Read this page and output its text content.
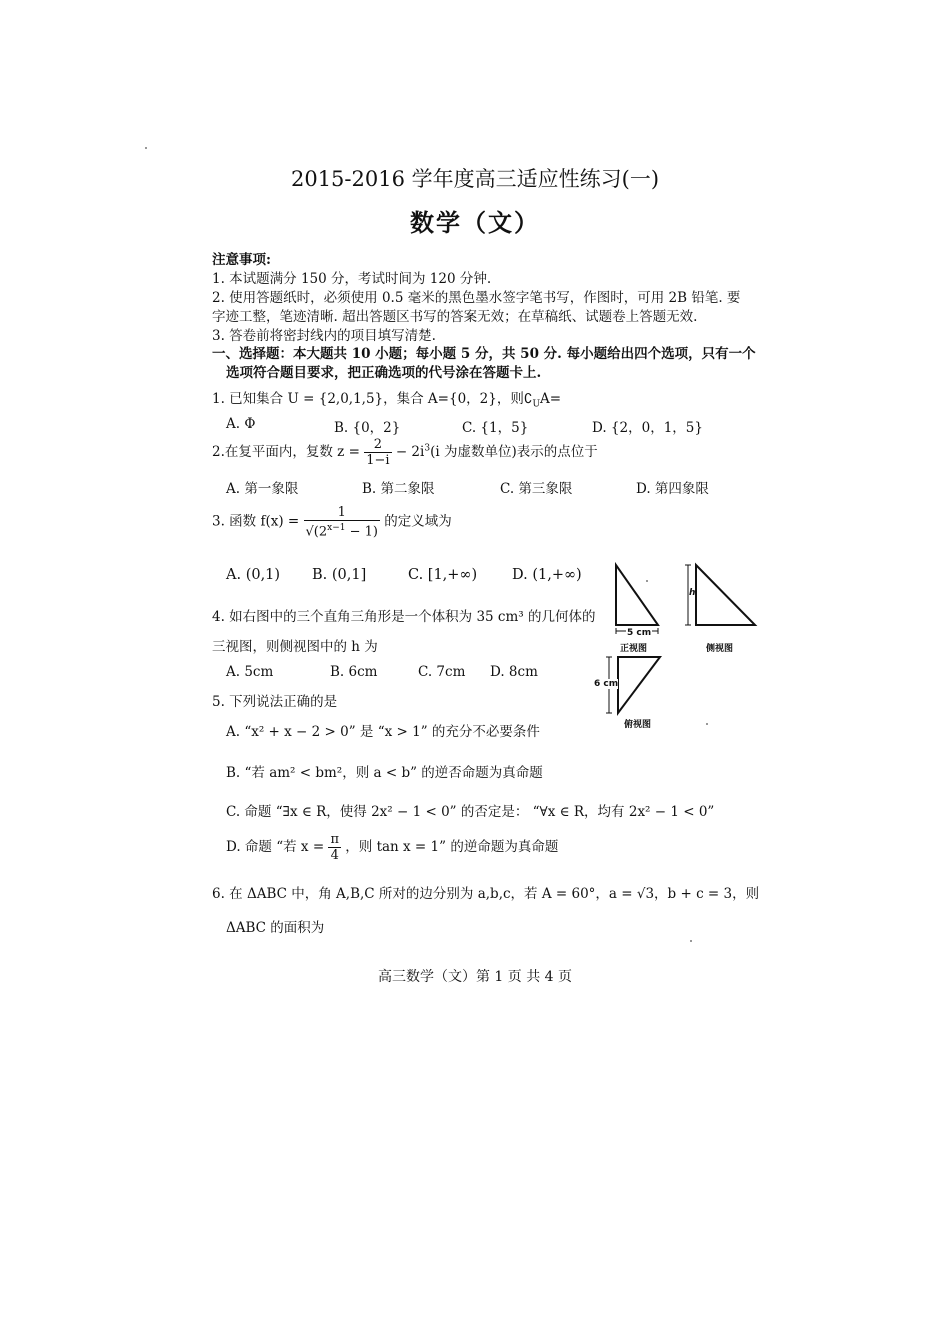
2015-2016 学年度高三适应性练习(一)
数学（文）
注意事项:
1. 本试题满分 150 分，考试时间为 120 分钟.
2. 使用答题纸时，必须使用 0.5 毫米的黑色墨水签字笔书写，作图时，可用 2B 铅笔. 要
字迹工整，笔迹清晰. 超出答题区书写的答案无效；在草稿纸、试题卷上答题无效.
3. 答卷前将密封线内的项目填写清楚.
一、选择题：本大题共 10 小题；每小题 5 分，共 50 分. 每小题给出四个选项，只有一个
选项符合题目要求，把正确选项的代号涂在答题卡上.
1. 已知集合 U = {2,0,1,5}，集合 A={0，2}，则$∁_UA=$
A. Φ	B. {0，2}	C. {1，5}	D. {2，0，1，5}
2.在复平面内，复数 $z = \frac{2}{1-i} - 2i^3(i$ 为虚数单位)表示的点位于
A. 第一象限	B. 第二象限	C. 第三象限	D. 第四象限
3. 函数 $f(x) = \frac{1}{√(2^{x-1} - 1)}$ 的定义域为
A. (0,1) B. (0,1]	C. [1,+∞) D. (1,+∞)
4. 如右图中的三个直角三角形是一个体积为 35 cm³ 的几何体的
三视图，则侧视图中的 h 为
A. 5cm	B. 6cm	C. 7cm D. 8cm
5. 下列说法正确的是
A. “x² + x − 2 > 0” 是 “x > 1” 的充分不必要条件
B. “若 am² < bm²，则 a < b” 的逆否命题为真命题
C. 命题 “∃x ∈ R，使得 2x² − 1 < 0” 的否定是： “∀x ∈ R，均有 2x² − 1 < 0”
D. 命题 “若 $x = \frac{\pi}{4}$ ，则 tan x = 1” 的逆命题为真命题
6. 在 ΔABC 中，角 A,B,C 所对的边分别为 a,b,c，若 A = 60°，a = √3，b + c = 3，则
ΔABC 的面积为
5 cm
正视图
h
侧视图
6 cm
俯视图
高三数学（文）第 1 页 共 4 页
